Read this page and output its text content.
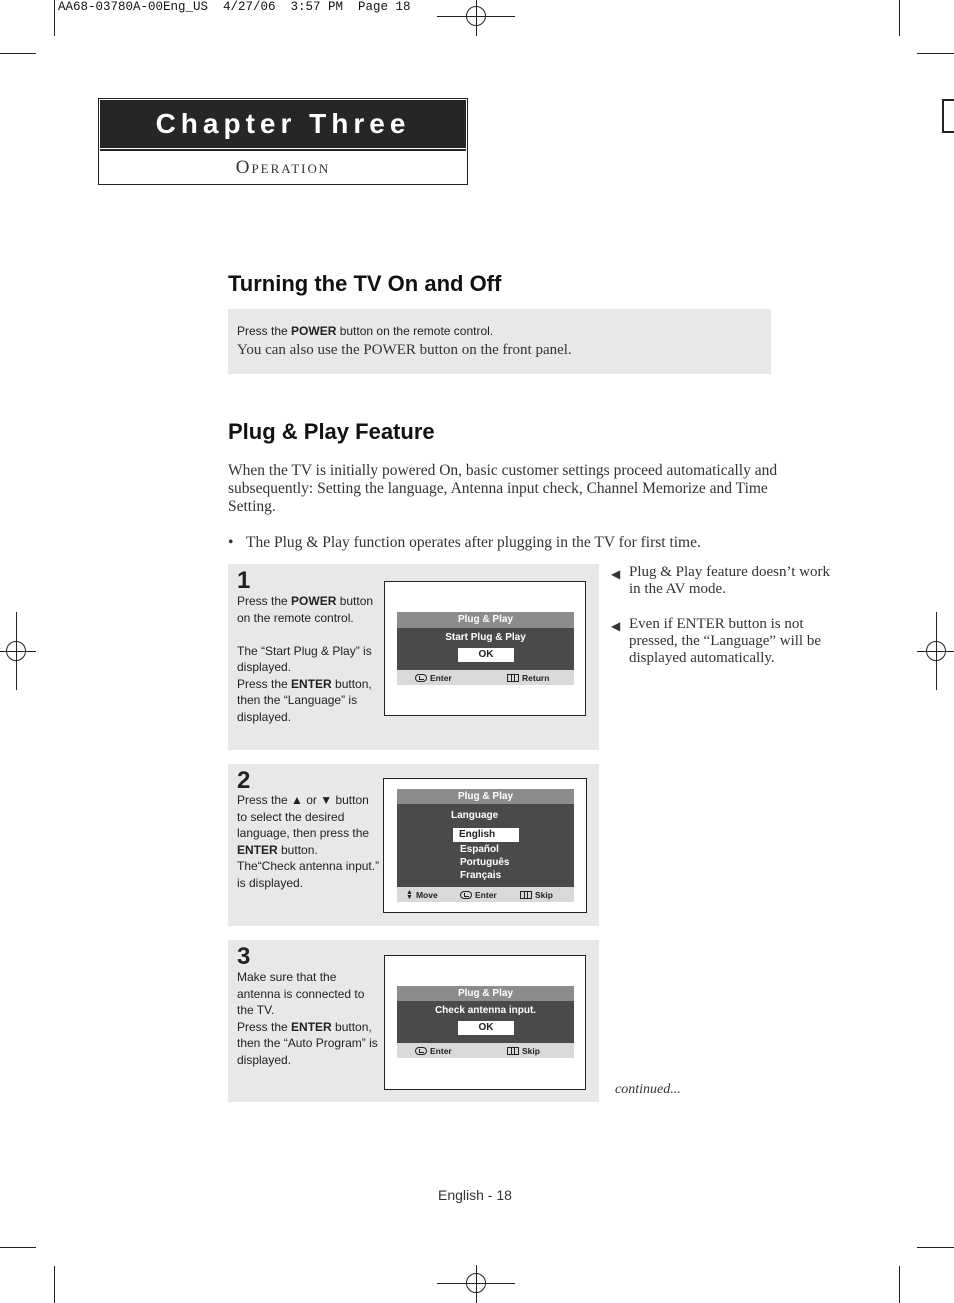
AA68-03780A-00Eng_US  4/27/06  3:57 PM  Page 18
Chapter Three
OPERATION
Turning the TV On and Off
Press the POWER button on the remote control.
You can also use the POWER button on the front panel.
Plug & Play Feature
When the TV is initially powered On, basic customer settings proceed automatically and
subsequently: Setting the language, Antenna input check, Channel Memorize and Time
Setting.
• The Plug & Play function operates after plugging in the TV for first time.
1
Press the POWER button
on the remote control.

The “Start Plug & Play” is
displayed.
Press the ENTER button,
then the “Language” is
displayed.
Plug & Play
Start Plug & Play
OK
Enter	Return
2
Press the ▲ or ▼ button
to select the desired
language, then press the
ENTER button.
The“Check antenna input.”
is displayed.
Plug & Play
Language
English
Español
Português
Français
▲
▼ Move	Enter	Skip
3
Make sure that the
antenna is connected to
the TV.
Press the ENTER button,
then the “Auto Program” is
displayed.
Plug & Play
Check antenna input.
OK
Enter	Skip
◀ Plug & Play feature doesn’t work
in the AV mode.
◀ Even if ENTER button is not
pressed, the “Language” will be
displayed automatically.
continued...
English - 18
